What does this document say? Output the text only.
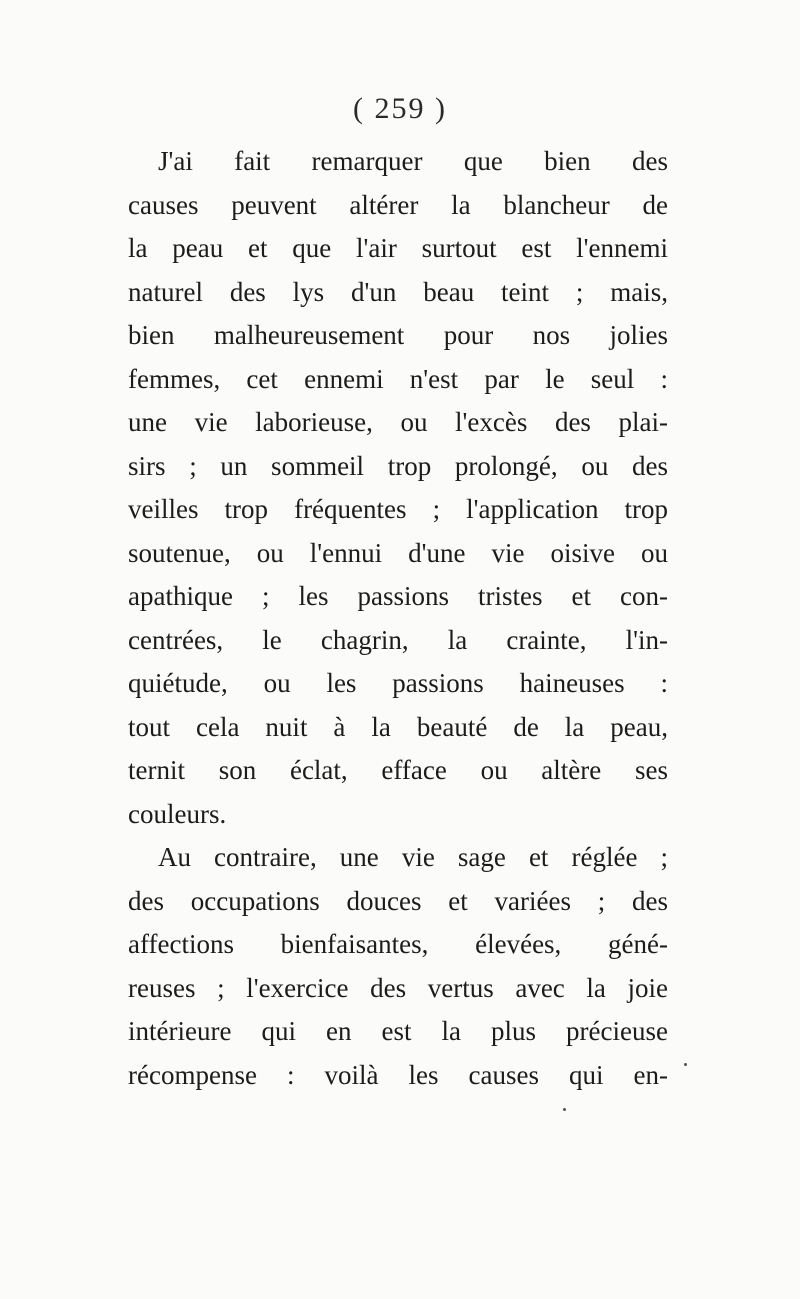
( 259 )
J'ai fait remarquer que bien des
causes peuvent altérer la blancheur de
la peau et que l'air surtout est l'ennemi
naturel des lys d'un beau teint ; mais,
bien malheureusement pour nos jolies
femmes, cet ennemi n'est par le seul :
une vie laborieuse, ou l'excès des plai-
sirs ; un sommeil trop prolongé, ou des
veilles trop fréquentes ; l'application trop
soutenue, ou l'ennui d'une vie oisive ou
apathique ; les passions tristes et con-
centrées, le chagrin, la crainte, l'in-
quiétude, ou les passions haineuses :
tout cela nuit à la beauté de la peau,
ternit son éclat, efface ou altère ses
couleurs.
Au contraire, une vie sage et réglée ;
des occupations douces et variées ; des
affections bienfaisantes, élevées, géné-
reuses ; l'exercice des vertus avec la joie
intérieure qui en est la plus précieuse
récompense : voilà les causes qui en-
